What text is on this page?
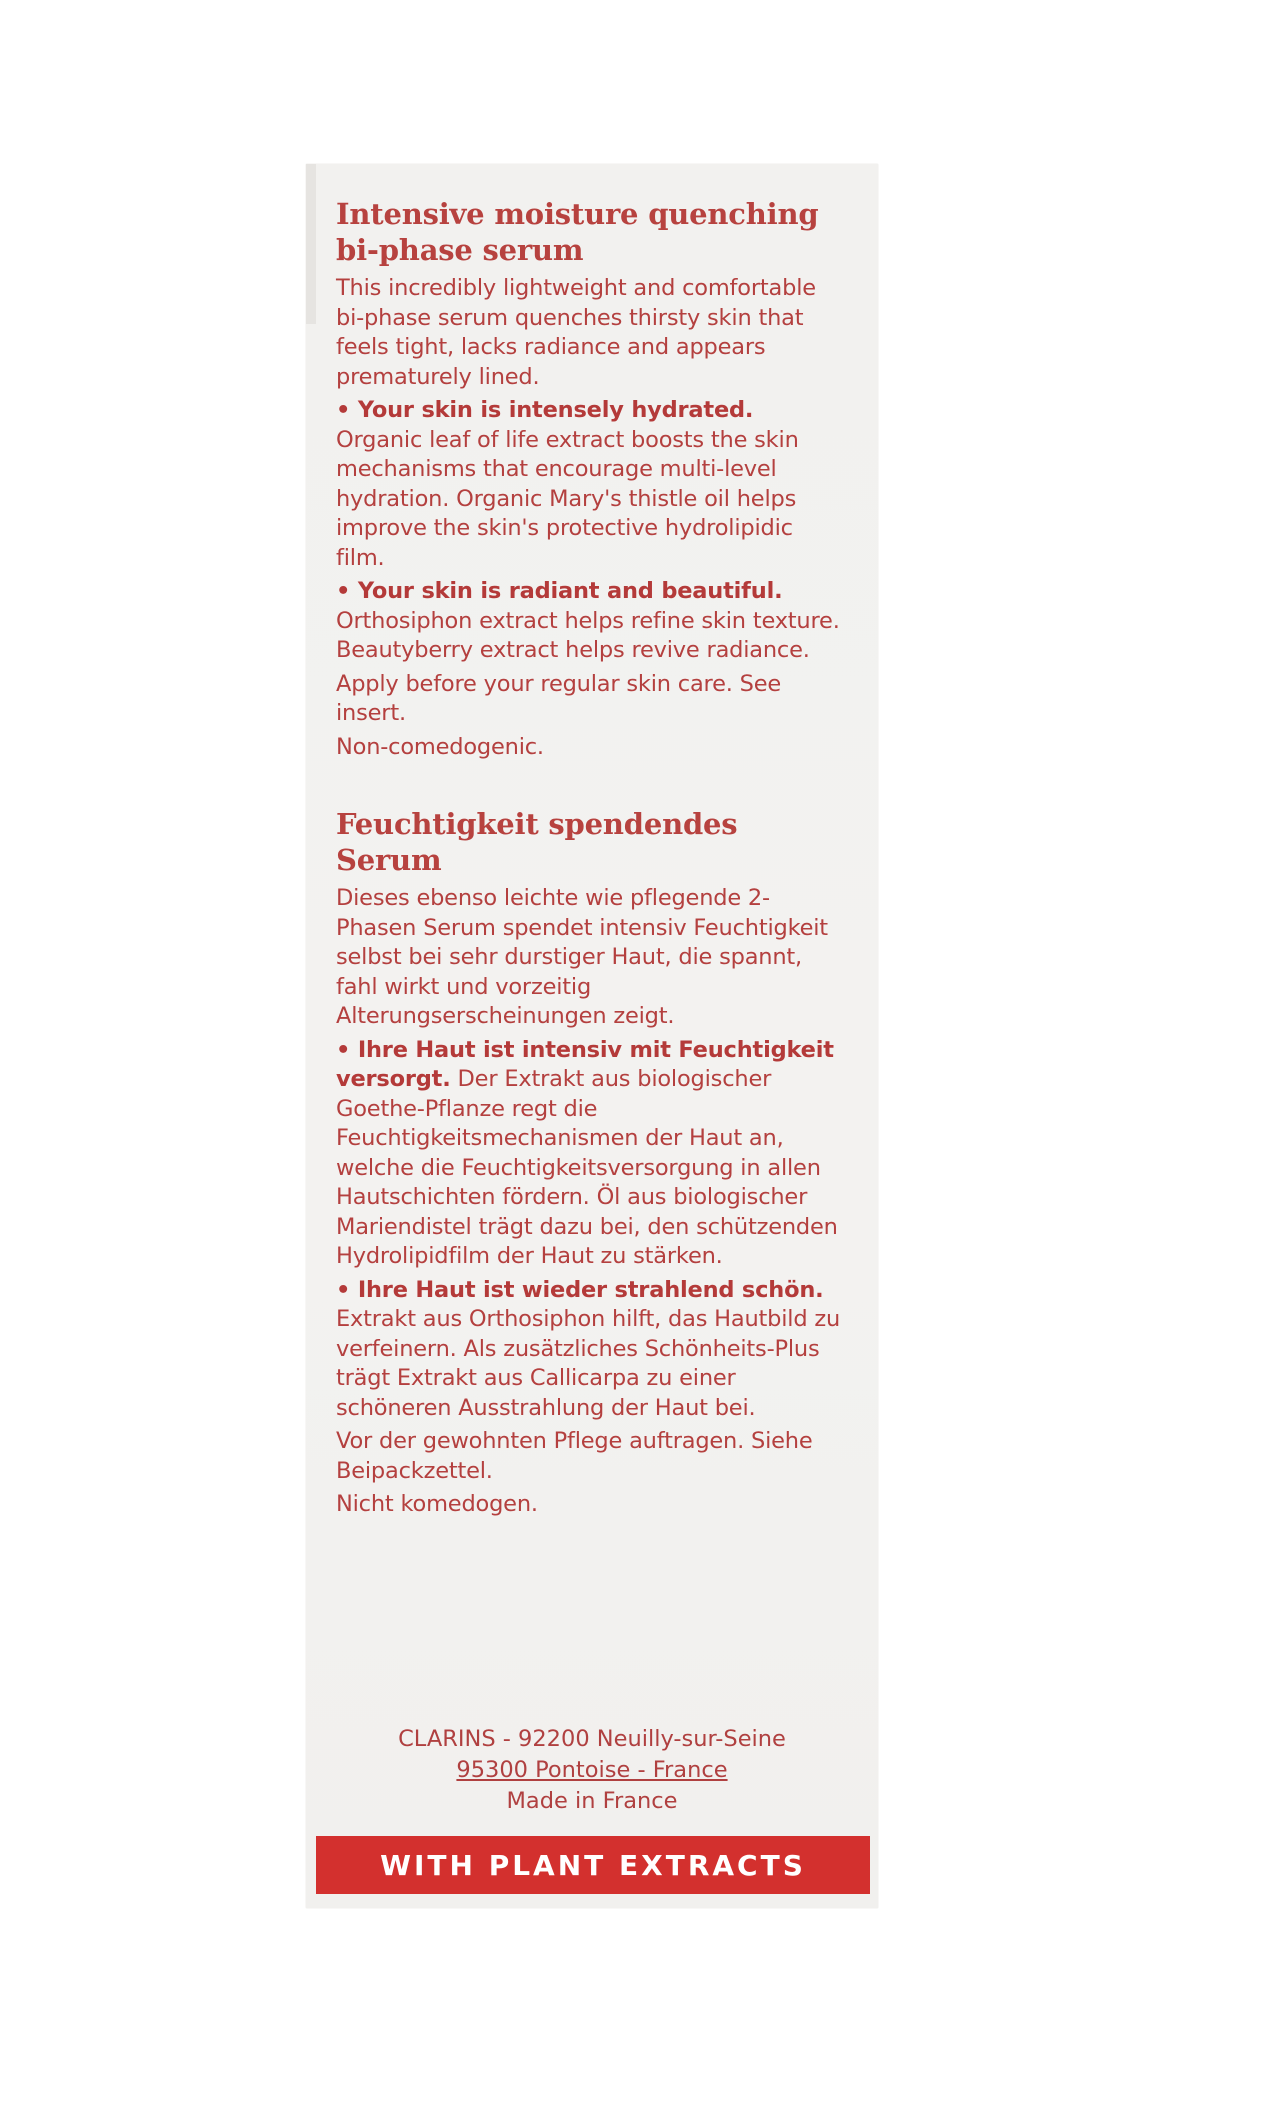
Intensive moisture quenching bi-phase serum

This incredibly lightweight and comfortable bi-phase serum quenches thirsty skin that feels tight, lacks radiance and appears prematurely lined.

• Your skin is intensely hydrated. Organic leaf of life extract boosts the skin mechanisms that encourage multi-level hydration. Organic Mary's thistle oil helps improve the skin's protective hydrolipidic film.

• Your skin is radiant and beautiful. Orthosiphon extract helps refine skin texture. Beautyberry extract helps revive radiance.

Apply before your regular skin care. See insert.

Non-comedogenic.

Feuchtigkeit spendendes Serum

Dieses ebenso leichte wie pflegende 2-Phasen Serum spendet intensiv Feuchtigkeit selbst bei sehr durstiger Haut, die spannt, fahl wirkt und vorzeitig Alterungserscheinungen zeigt.

• Ihre Haut ist intensiv mit Feuchtigkeit versorgt. Der Extrakt aus biologischer Goethe-Pflanze regt die Feuchtigkeitsmechanismen der Haut an, welche die Feuchtigkeitsversorgung in allen Hautschichten fördern. Öl aus biologischer Mariendistel trägt dazu bei, den schützenden Hydrolipidfilm der Haut zu stärken.

• Ihre Haut ist wieder strahlend schön. Extrakt aus Orthosiphon hilft, das Hautbild zu verfeinern. Als zusätzliches Schönheits-Plus trägt Extrakt aus Callicarpa zu einer schöneren Ausstrahlung der Haut bei.

Vor der gewohnten Pflege auftragen. Siehe Beipackzettel.

Nicht komedogen.

CLARINS - 92200 Neuilly-sur-Seine
95300 Pontoise - France
Made in France
WITH PLANT EXTRACTS
